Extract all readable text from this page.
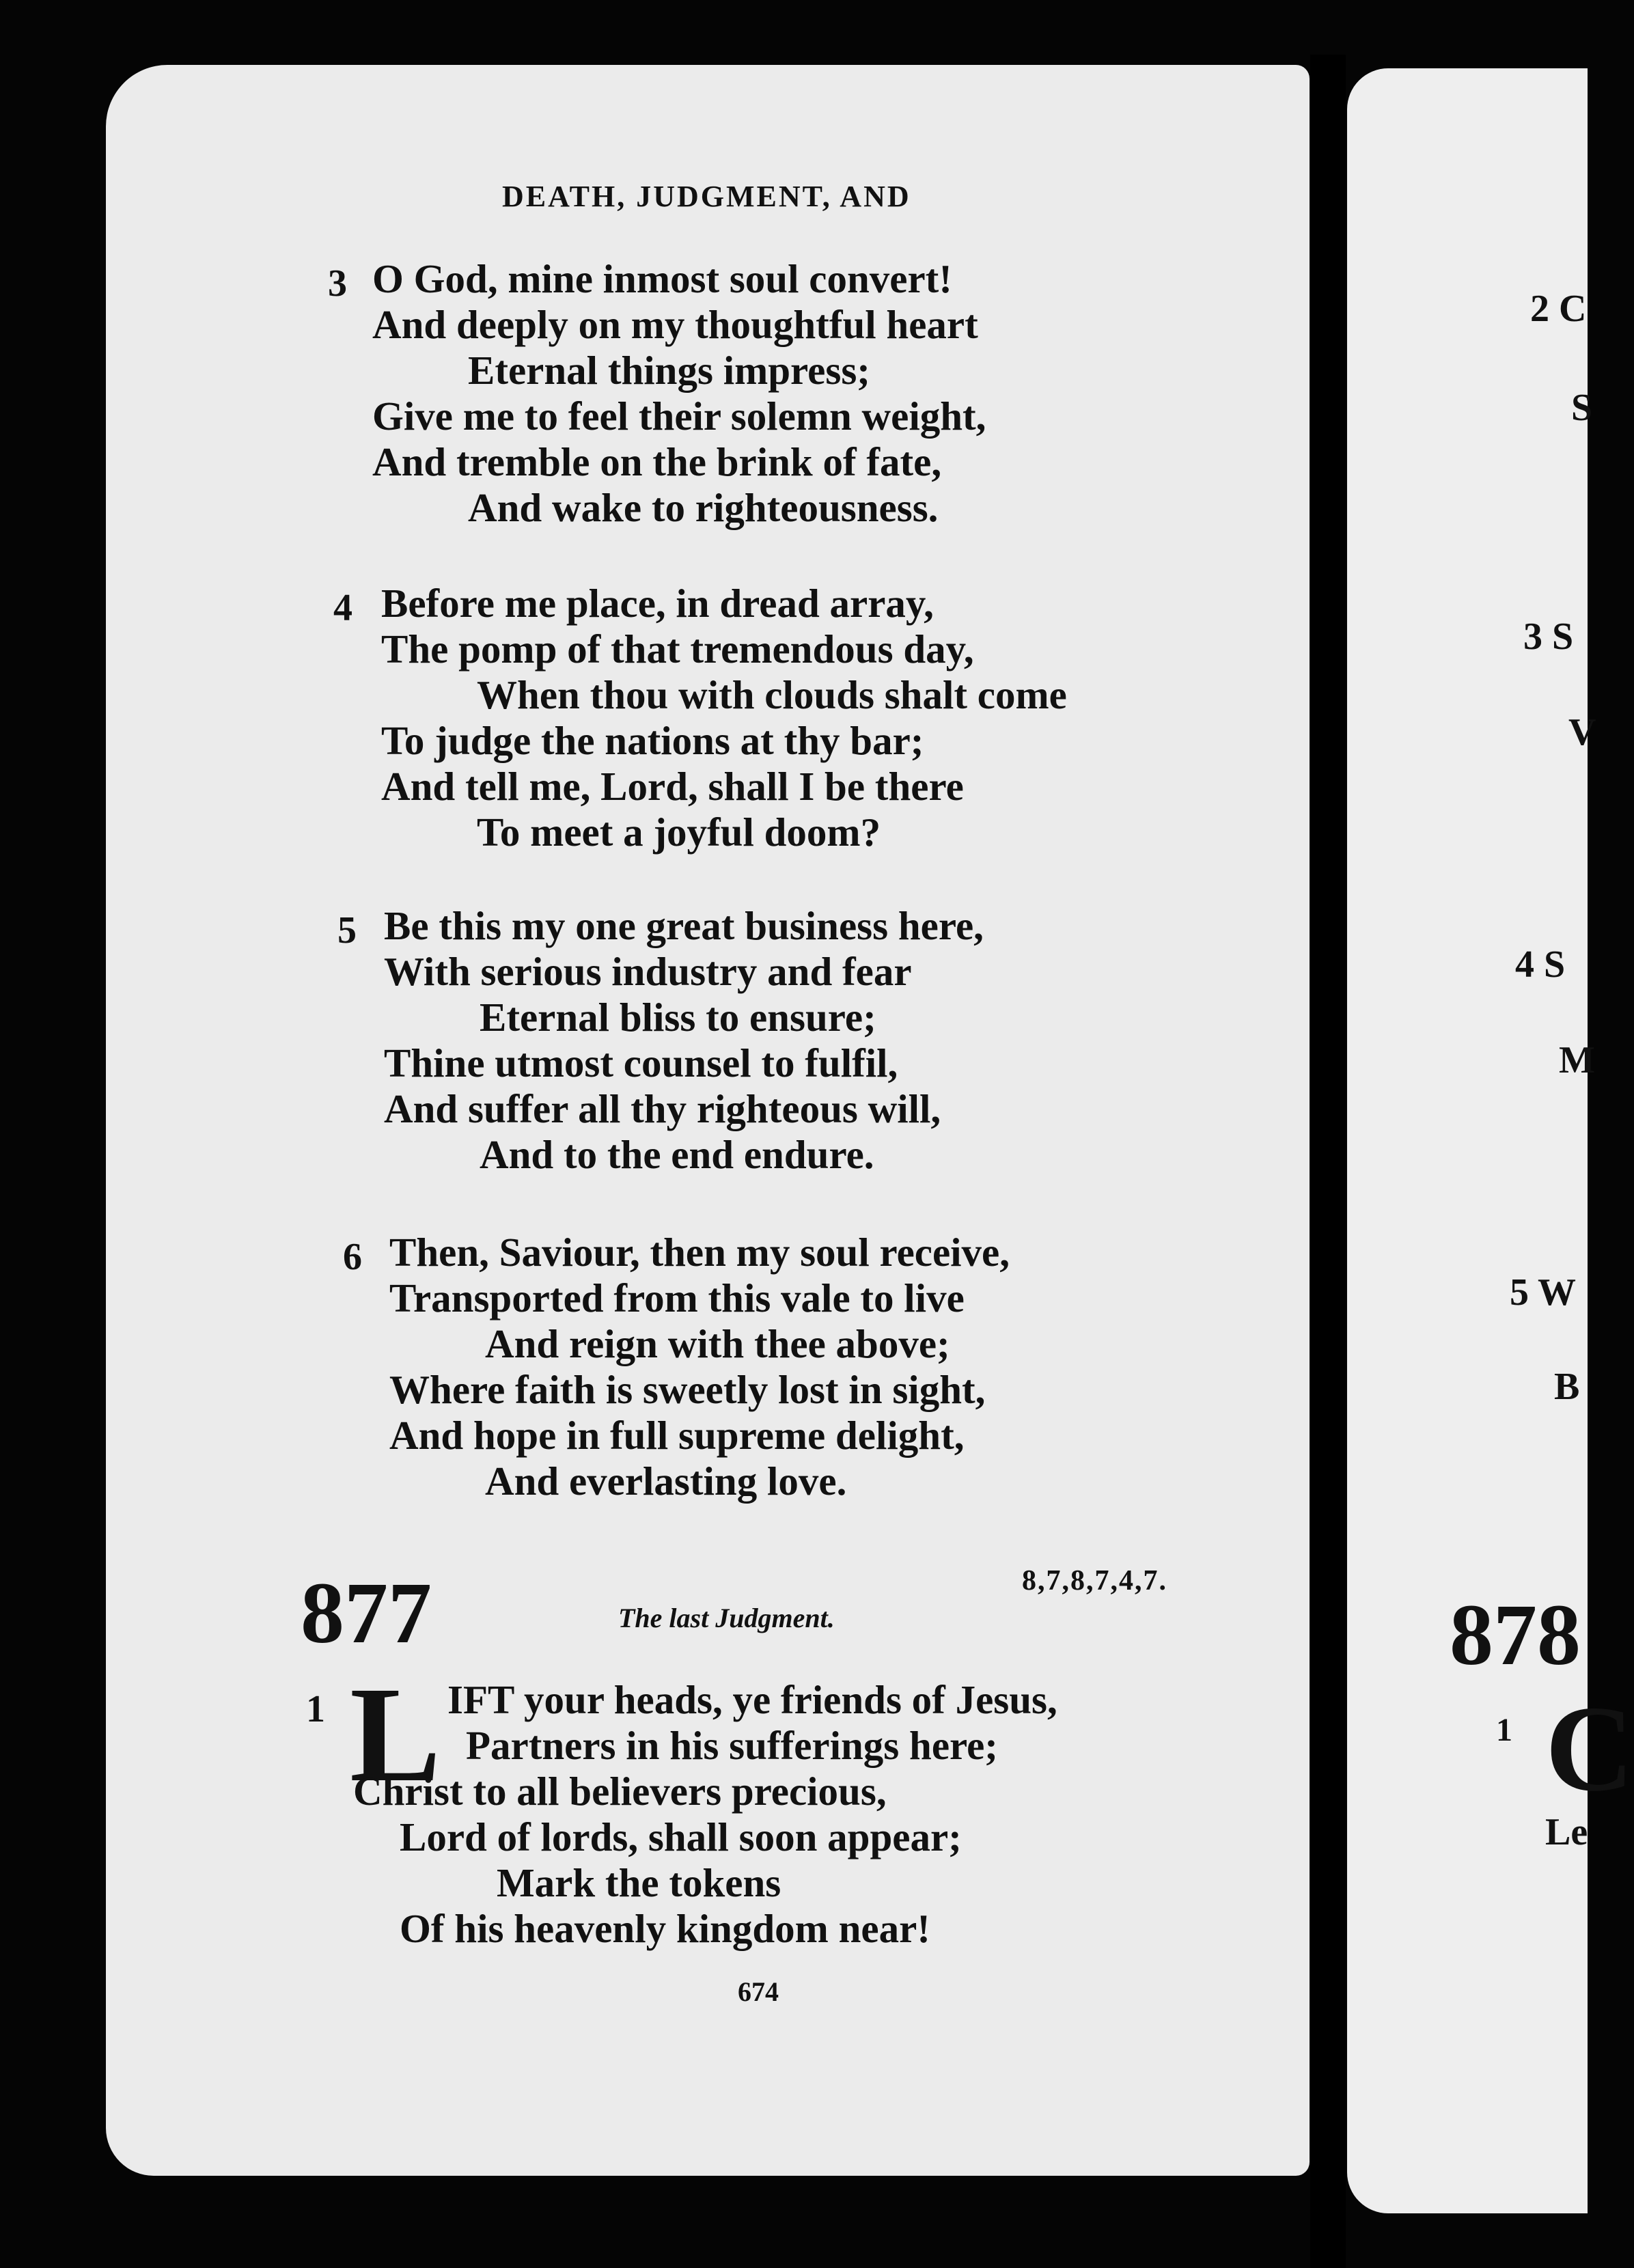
DEATH, JUDGMENT, AND
3 O God, mine inmost soul convert!
And deeply on my thoughtful heart
Eternal things impress;
Give me to feel their solemn weight,
And tremble on the brink of fate,
And wake to righteousness.
4 Before me place, in dread array,
The pomp of that tremendous day,
When thou with clouds shalt come
To judge the nations at thy bar;
And tell me, Lord, shall I be there
To meet a joyful doom?
5 Be this my one great business here,
With serious industry and fear
Eternal bliss to ensure;
Thine utmost counsel to fulfil,
And suffer all thy righteous will,
And to the end endure.
6 Then, Saviour, then my soul receive,
Transported from this vale to live
And reign with thee above;
Where faith is sweetly lost in sight,
And hope in full supreme delight,
And everlasting love.
877	8,7,8,7,4,7.
The last Judgment.
1 L IFT your heads, ye friends of Jesus,
Partners in his sufferings here;
Christ to all believers precious,
Lord of lords, shall soon appear;
Mark the tokens
Of his heavenly kingdom near!
674
2 C
S
3 S
V
4 S
M
5 W
B
878
1 C
Le
